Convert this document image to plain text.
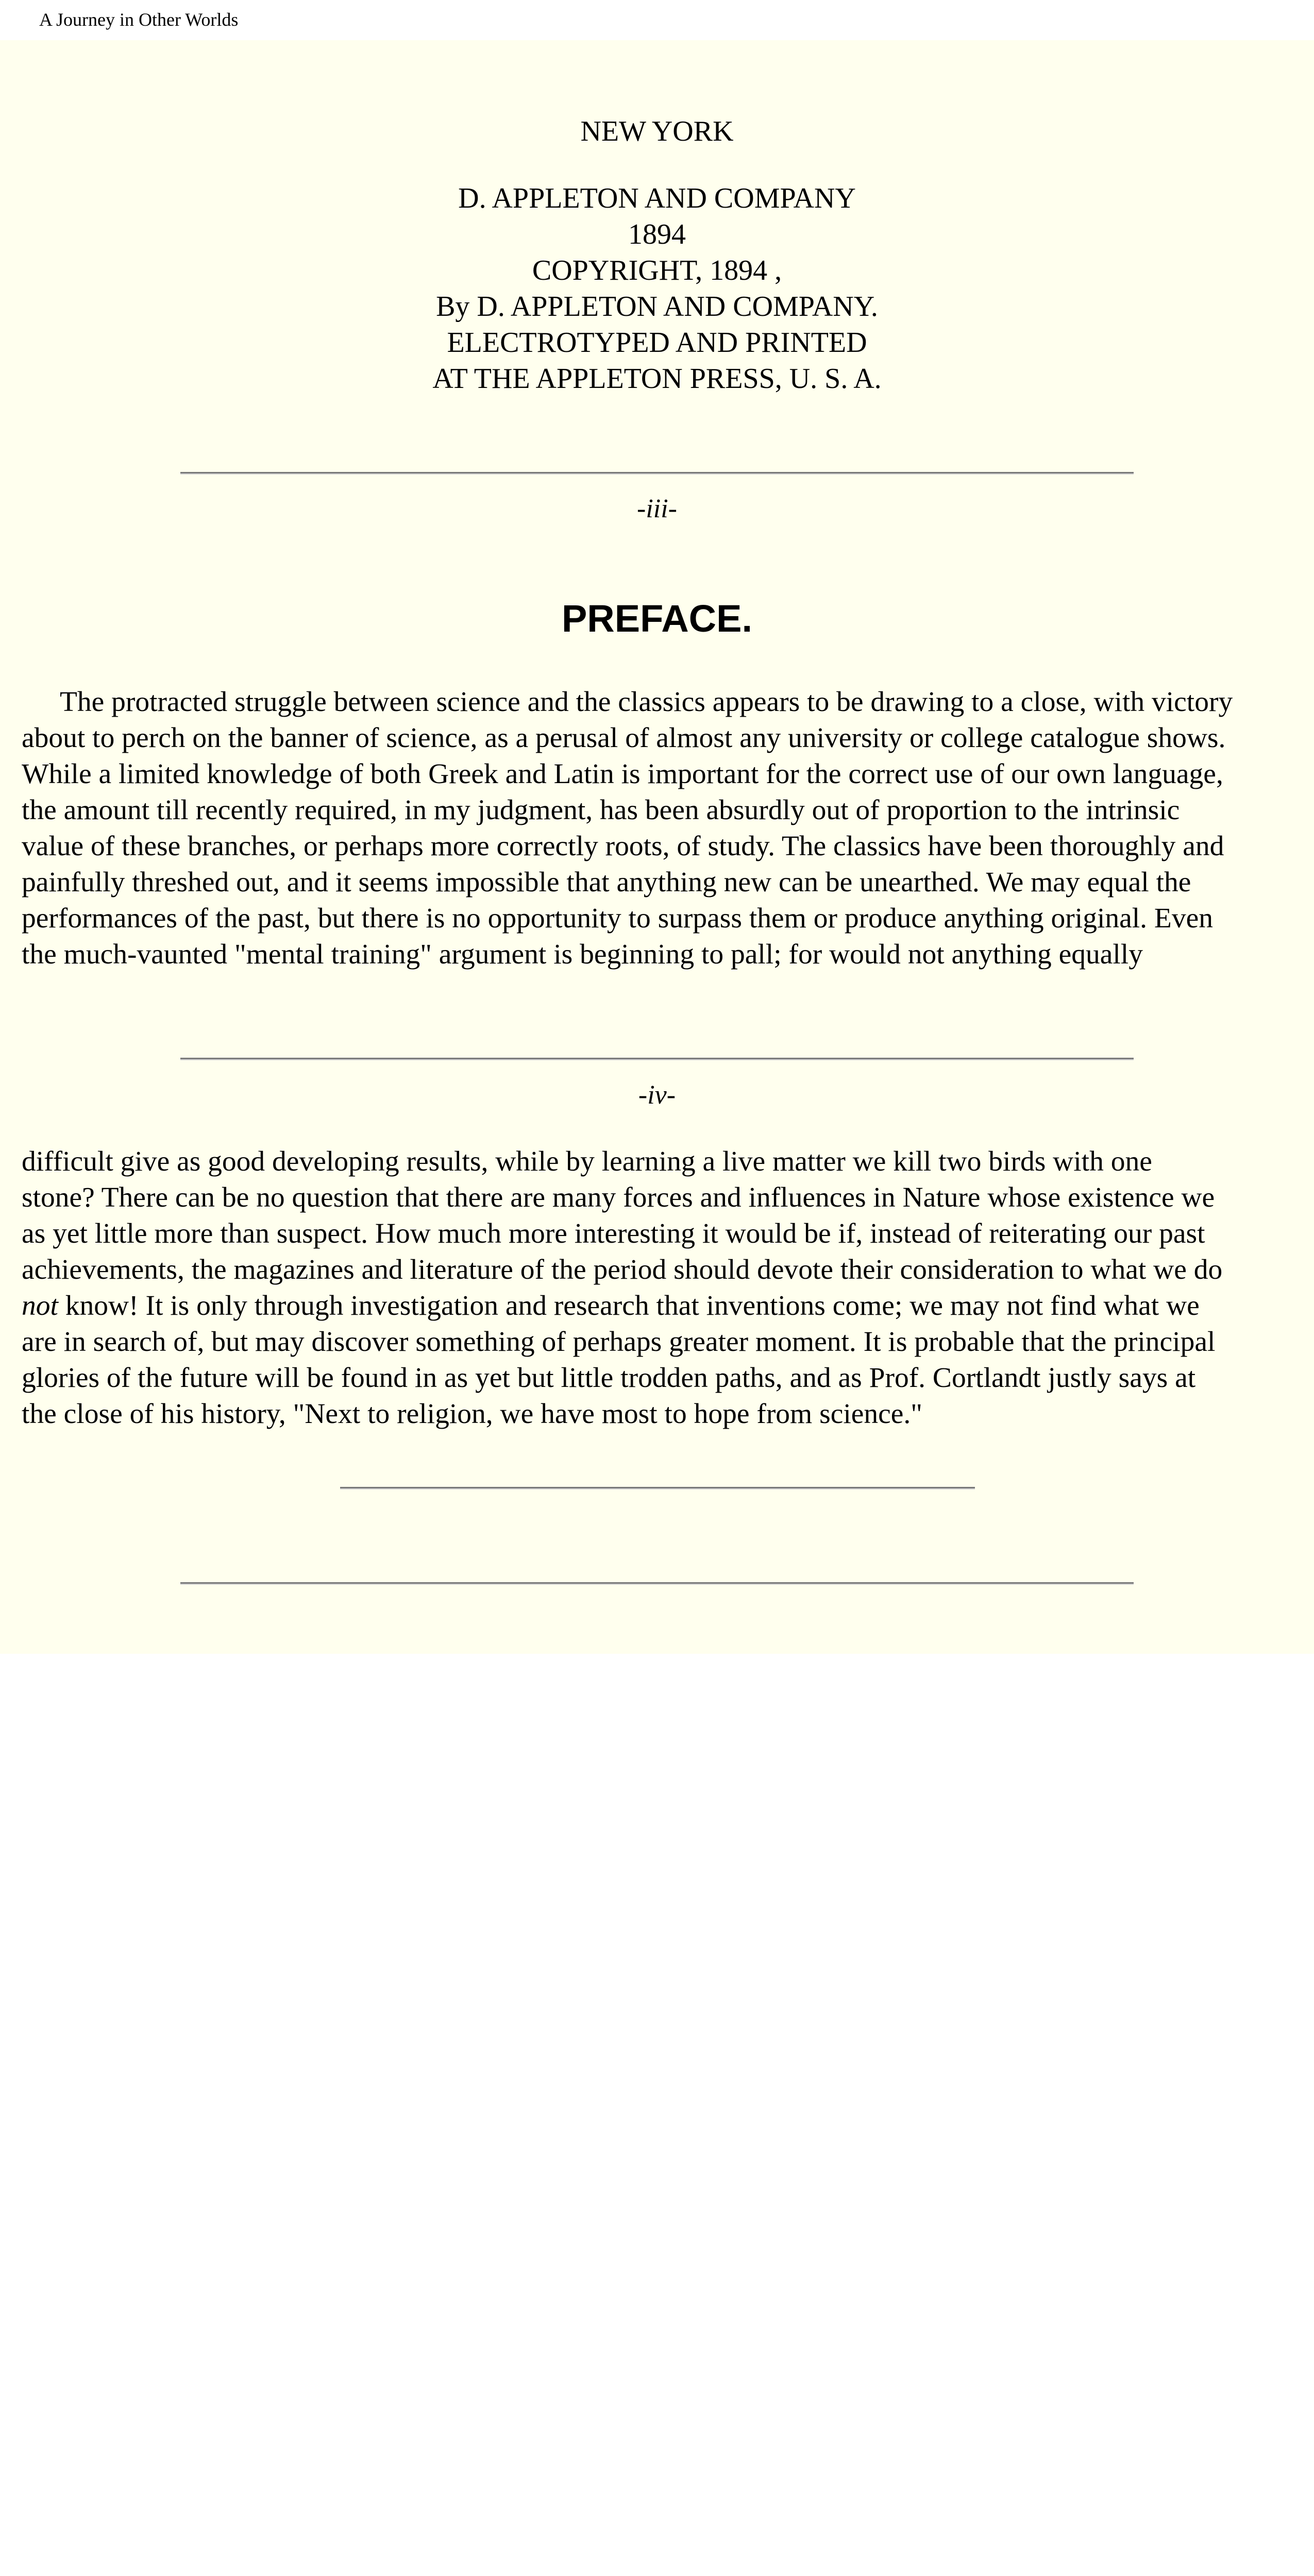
A Journey in Other Worlds
NEW YORK
D. APPLETON AND COMPANY
1894
COPYRIGHT, 1894 ,
By D. APPLETON AND COMPANY.
ELECTROTYPED AND PRINTED
AT THE APPLETON PRESS, U. S. A.
-iii-
PREFACE.

The protracted struggle between science and the classics appears to be drawing to a close, with victory
about to perch on the banner of science, as a perusal of almost any university or college catalogue shows.
While a limited knowledge of both Greek and Latin is important for the correct use of our own language,
the amount till recently required, in my judgment, has been absurdly out of proportion to the intrinsic
value of these branches, or perhaps more correctly roots, of study. The classics have been thoroughly and
painfully threshed out, and it seems impossible that anything new can be unearthed. We may equal the
performances of the past, but there is no opportunity to surpass them or produce anything original. Even
the much-vaunted "mental training" argument is beginning to pall; for would not anything equally

-iv-

difficult give as good developing results, while by learning a live matter we kill two birds with one
stone? There can be no question that there are many forces and influences in Nature whose existence we
as yet little more than suspect. How much more interesting it would be if, instead of reiterating our past
achievements, the magazines and literature of the period should devote their consideration to what we do
not know! It is only through investigation and research that inventions come; we may not find what we
are in search of, but may discover something of perhaps greater moment. It is probable that the principal
glories of the future will be found in as yet but little trodden paths, and as Prof. Cortlandt justly says at
the close of his history, "Next to religion, we have most to hope from science."
